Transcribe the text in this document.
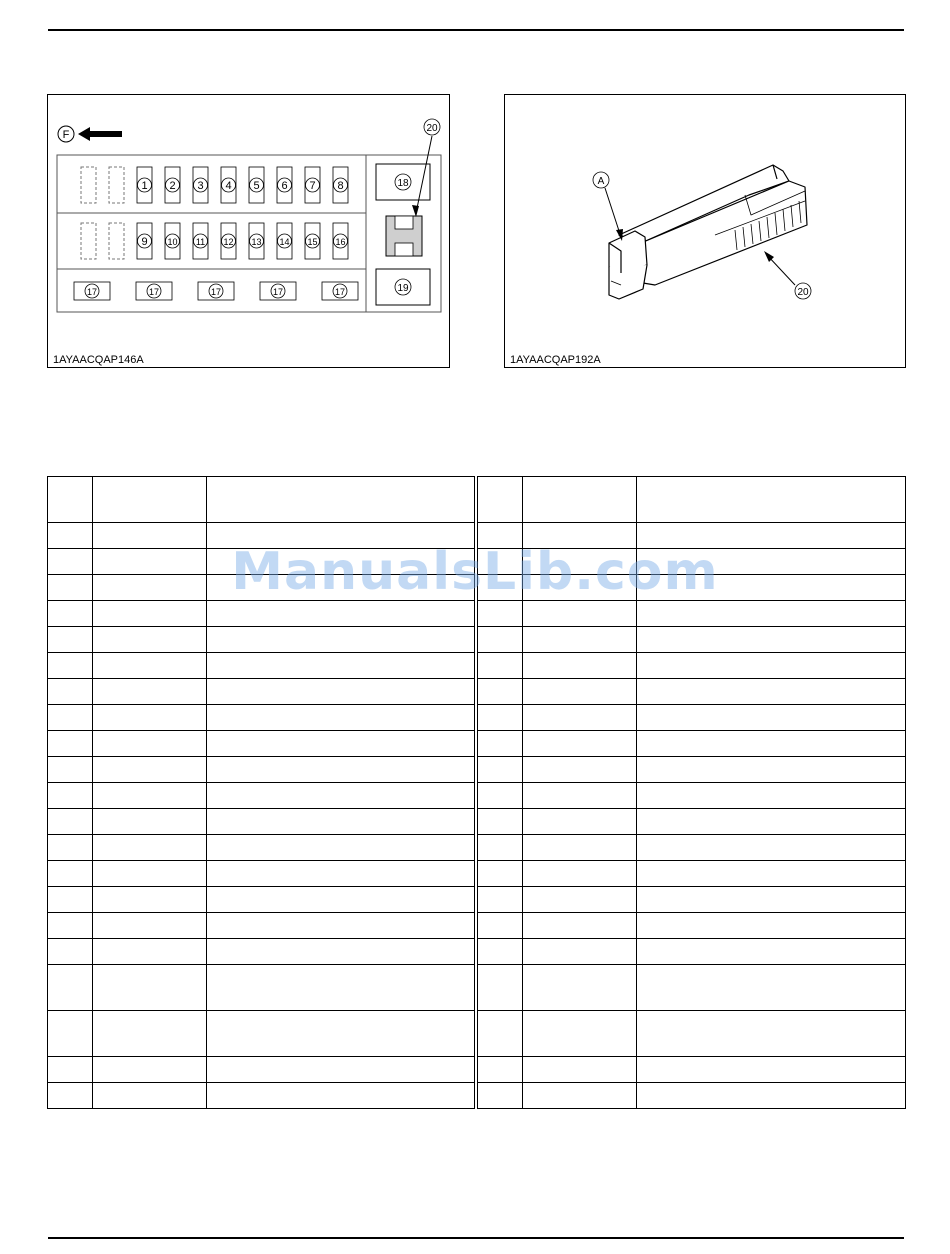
F
1 2 3 4 5 6 7 8
9 10 11 12 13 14 15 16
17	17	17	17	17
18
19
20
1AYAACQAP146A
A
20
1AYAACQAP192A

ManualsLib.com
